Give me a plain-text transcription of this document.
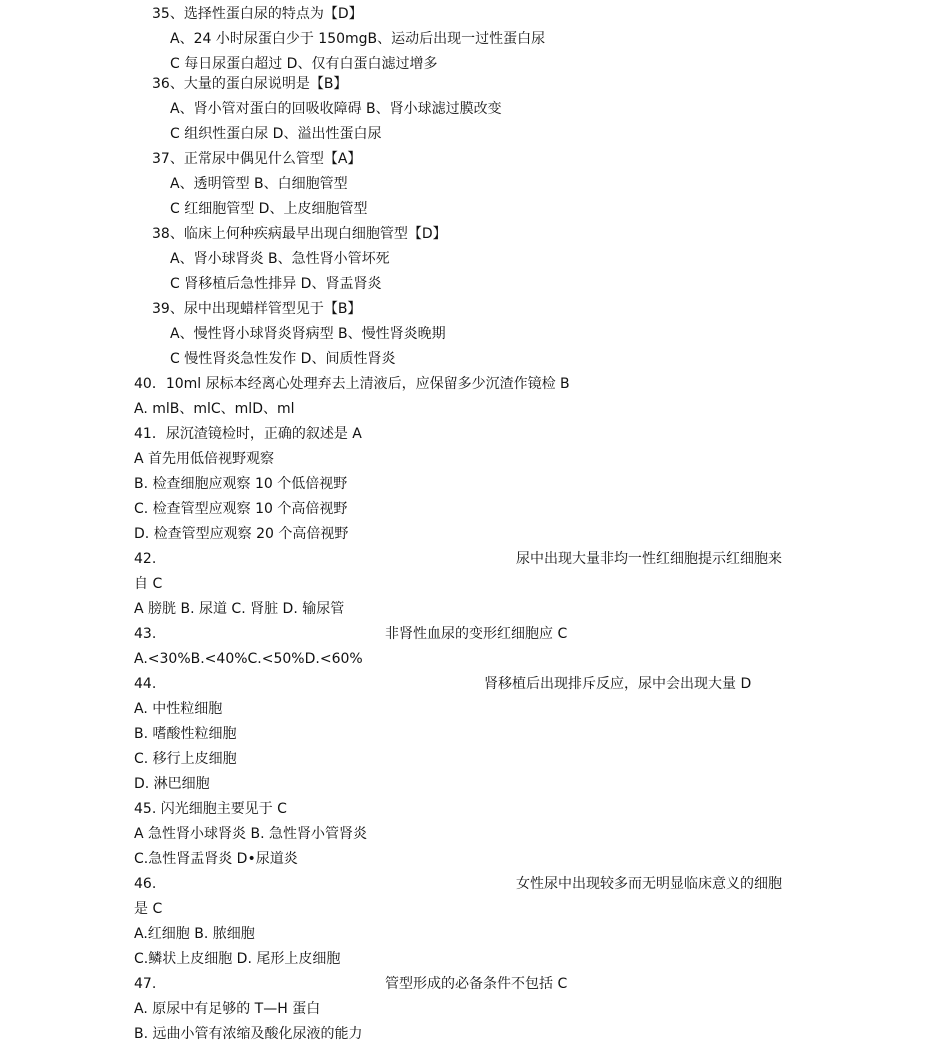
35、选择性蛋白尿的特点为【D】
A、24 小时尿蛋白少于 150mgB、运动后出现一过性蛋白尿
C 每日尿蛋白超过 D、仅有白蛋白滤过增多
36、大量的蛋白尿说明是【B】
A、肾小管对蛋白的回吸收障碍 B、肾小球滤过膜改变
C 组织性蛋白尿 D、溢出性蛋白尿
37、正常尿中偶见什么管型【A】
A、透明管型 B、白细胞管型
C 红细胞管型 D、上皮细胞管型
38、临床上何种疾病最早出现白细胞管型【D】
A、肾小球肾炎 B、急性肾小管坏死
C 肾移植后急性排异 D、肾盂肾炎
39、尿中出现蜡样管型见于【B】
A、慢性肾小球肾炎肾病型 B、慢性肾炎晚期
C 慢性肾炎急性发作 D、间质性肾炎
40．10ml 尿标本经离心处理弃去上清液后，应保留多少沉渣作镜检 B
A. mlB、mlC、mlD、ml
41．尿沉渣镜检时，正确的叙述是 A
A 首先用低倍视野观察
B. 检查细胞应观察 10 个低倍视野
C. 检查管型应观察 10 个高倍视野
D. 检查管型应观察 20 个高倍视野
42.	尿中出现大量非均一性红细胞提示红细胞来
自 C
A 膀胱 B. 尿道 C. 肾脏 D. 输尿管
43.	非肾性血尿的变形红细胞应 C
A.<30%B.<40%C.<50%D.<60%
44.	肾移植后出现排斥反应，尿中会出现大量 D
A. 中性粒细胞
B. 嗜酸性粒细胞
C. 移行上皮细胞
D. 淋巴细胞
45. 闪光细胞主要见于 C
A 急性肾小球肾炎 B. 急性肾小管肾炎
C.急性肾盂肾炎 D•尿道炎
46.	女性尿中出现较多而无明显临床意义的细胞
是 C
A.红细胞 B. 脓细胞
C.鳞状上皮细胞 D. 尾形上皮细胞
47.	管型形成的必备条件不包括 C
A. 原尿中有足够的 T—H 蛋白
B. 远曲小管有浓缩及酸化尿液的能力
